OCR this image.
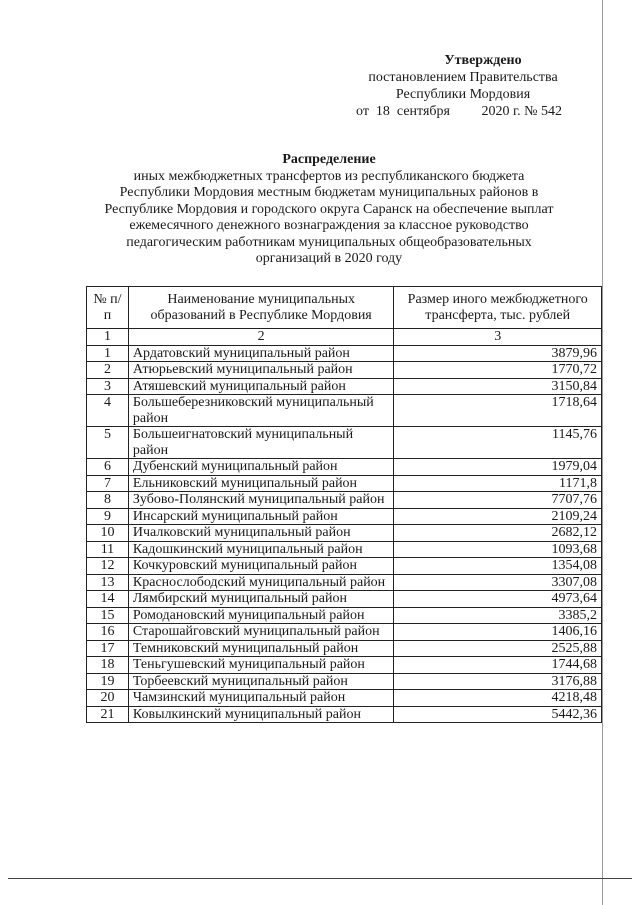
Утверждено
постановлением Правительства
Республики Мордовия
от  18  сентября         2020 г. № 542
Распределение
иных межбюджетных трансфертов из республиканского бюджета
Республики Мордовия местным бюджетам муниципальных районов в
Республике Мордовия и городского округа Саранск на обеспечение выплат
ежемесячного денежного вознаграждения за классное руководство
педагогическим работникам муниципальных общеобразовательных
организаций в 2020 году
№ п/п	Наименование муниципальных образований в Республике Мордовия	Размер иного межбюджетного трансферта, тыс. рублей
1	2	3
1	Ардатовский муниципальный район	3879,96
2	Атюрьевский муниципальный район	1770,72
3	Атяшевский муниципальный район	3150,84
4	Большеберезниковский муниципальный район	1718,64
5	Большеигнатовский муниципальный район	1145,76
6	Дубенский муниципальный район	1979,04
7	Ельниковский муниципальный район	1171,8
8	Зубово-Полянский муниципальный район	7707,76
9	Инсарский муниципальный район	2109,24
10	Ичалковский муниципальный район	2682,12
11	Кадошкинский муниципальный район	1093,68
12	Кочкуровский муниципальный район	1354,08
13	Краснослободский муниципальный район	3307,08
14	Лямбирский муниципальный район	4973,64
15	Ромодановский муниципальный район	3385,2
16	Старошайговский муниципальный район	1406,16
17	Темниковский муниципальный район	2525,88
18	Теньгушевский муниципальный район	1744,68
19	Торбеевский муниципальный район	3176,88
20	Чамзинский муниципальный район	4218,48
21	Ковылкинский муниципальный район	5442,36
